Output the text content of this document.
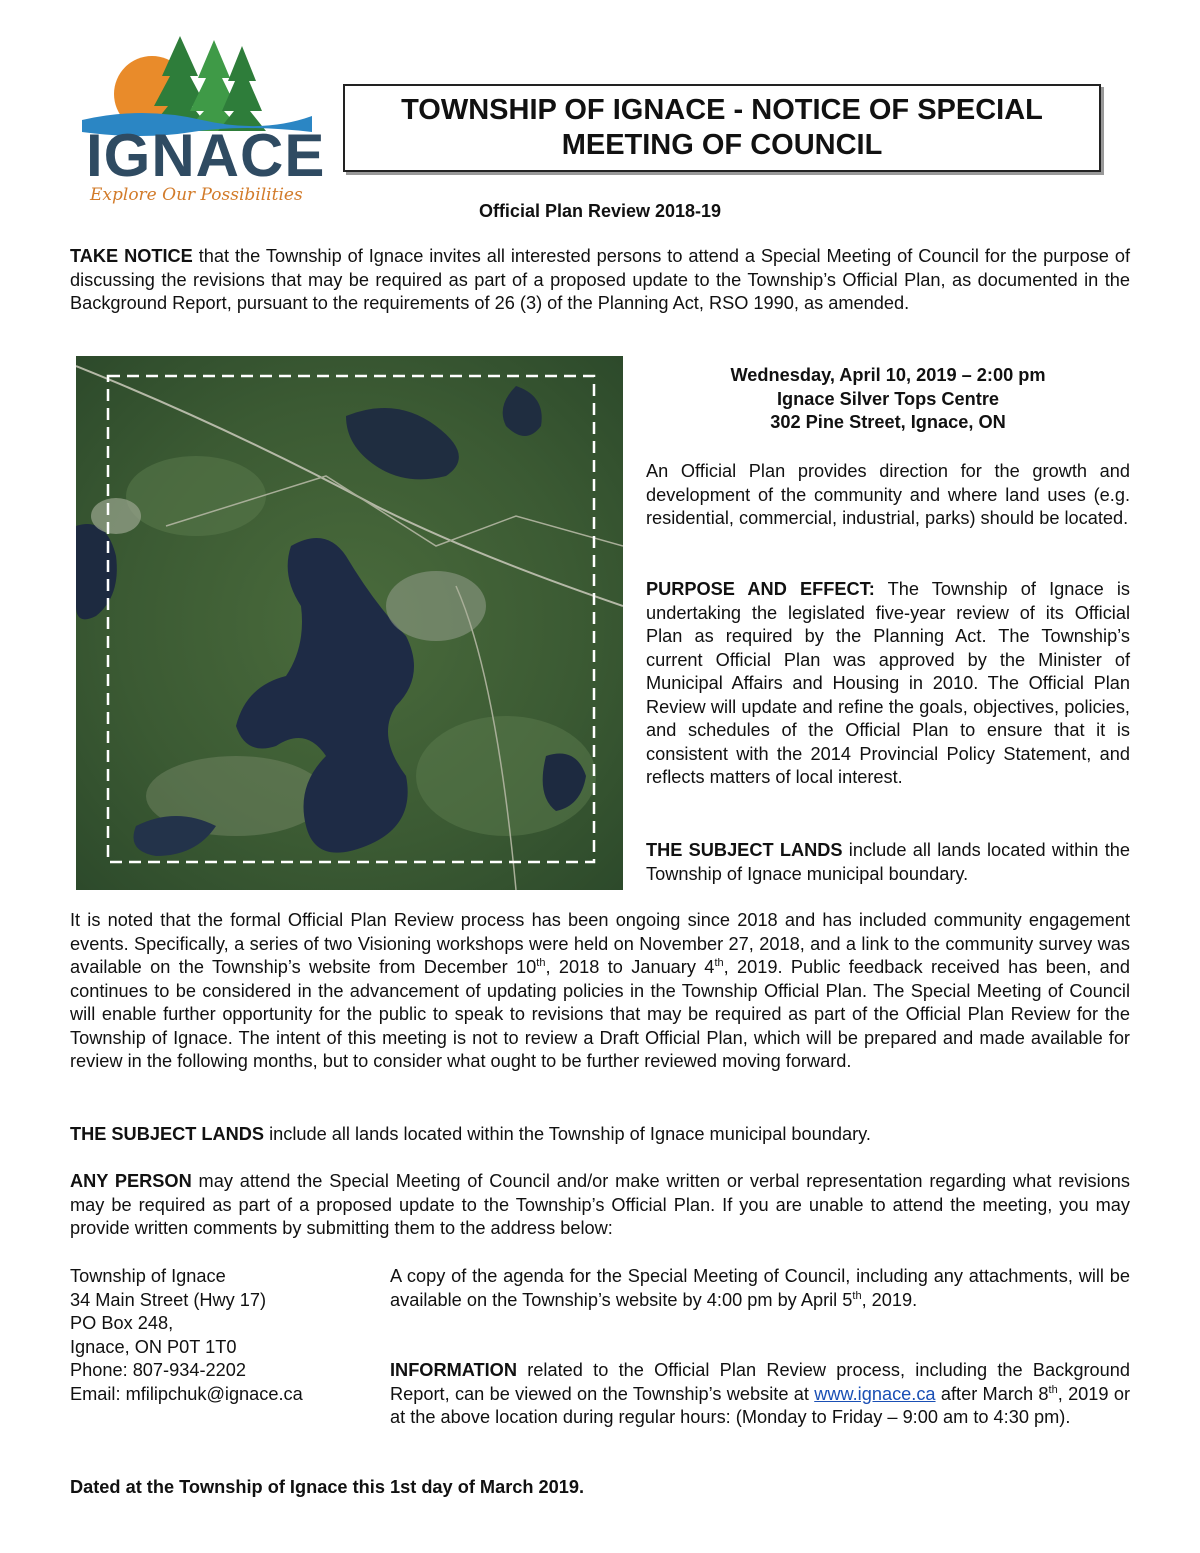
IGNACE
Explore Our Possibilities
TOWNSHIP OF IGNACE - NOTICE OF SPECIAL MEETING OF COUNCIL
Official Plan Review 2018-19
TAKE NOTICE that the Township of Ignace invites all interested persons to attend a Special Meeting of Council for the purpose of discussing the revisions that may be required as part of a proposed update to the Township’s Official Plan, as documented in the Background Report, pursuant to the requirements of 26 (3) of the Planning Act, RSO 1990, as amended.
Wednesday, April 10, 2019 – 2:00 pm
Ignace Silver Tops Centre
302 Pine Street, Ignace, ON
An Official Plan provides direction for the growth and development of the community and where land uses (e.g. residential, commercial, industrial, parks) should be located.
PURPOSE AND EFFECT: The Township of Ignace is undertaking the legislated five-year review of its Official Plan as required by the Planning Act. The Township’s current Official Plan was approved by the Minister of Municipal Affairs and Housing in 2010. The Official Plan Review will update and refine the goals, objectives, policies, and schedules of the Official Plan to ensure that it is consistent with the 2014 Provincial Policy Statement, and reflects matters of local interest.
THE SUBJECT LANDS include all lands located within the Township of Ignace municipal boundary.
It is noted that the formal Official Plan Review process has been ongoing since 2018 and has included community engagement events. Specifically, a series of two Visioning workshops were held on November 27, 2018, and a link to the community survey was available on the Township’s website from December 10th, 2018 to January 4th, 2019. Public feedback received has been, and continues to be considered in the advancement of updating policies in the Township Official Plan. The Special Meeting of Council will enable further opportunity for the public to speak to revisions that may be required as part of the Official Plan Review for the Township of Ignace. The intent of this meeting is not to review a Draft Official Plan, which will be prepared and made available for review in the following months, but to consider what ought to be further reviewed moving forward.
THE SUBJECT LANDS include all lands located within the Township of Ignace municipal boundary.
ANY PERSON may attend the Special Meeting of Council and/or make written or verbal representation regarding what revisions may be required as part of a proposed update to the Township’s Official Plan. If you are unable to attend the meeting, you may provide written comments by submitting them to the address below:
Township of Ignace
34 Main Street (Hwy 17)
PO Box 248,
Ignace, ON P0T 1T0
Phone: 807-934-2202
Email: mfilipchuk@ignace.ca
A copy of the agenda for the Special Meeting of Council, including any attachments, will be available on the Township’s website by 4:00 pm by April 5th, 2019.
INFORMATION related to the Official Plan Review process, including the Background Report, can be viewed on the Township’s website at www.ignace.ca after March 8th, 2019 or at the above location during regular hours: (Monday to Friday – 9:00 am to 4:30 pm).
Dated at the Township of Ignace this 1st day of March 2019.
